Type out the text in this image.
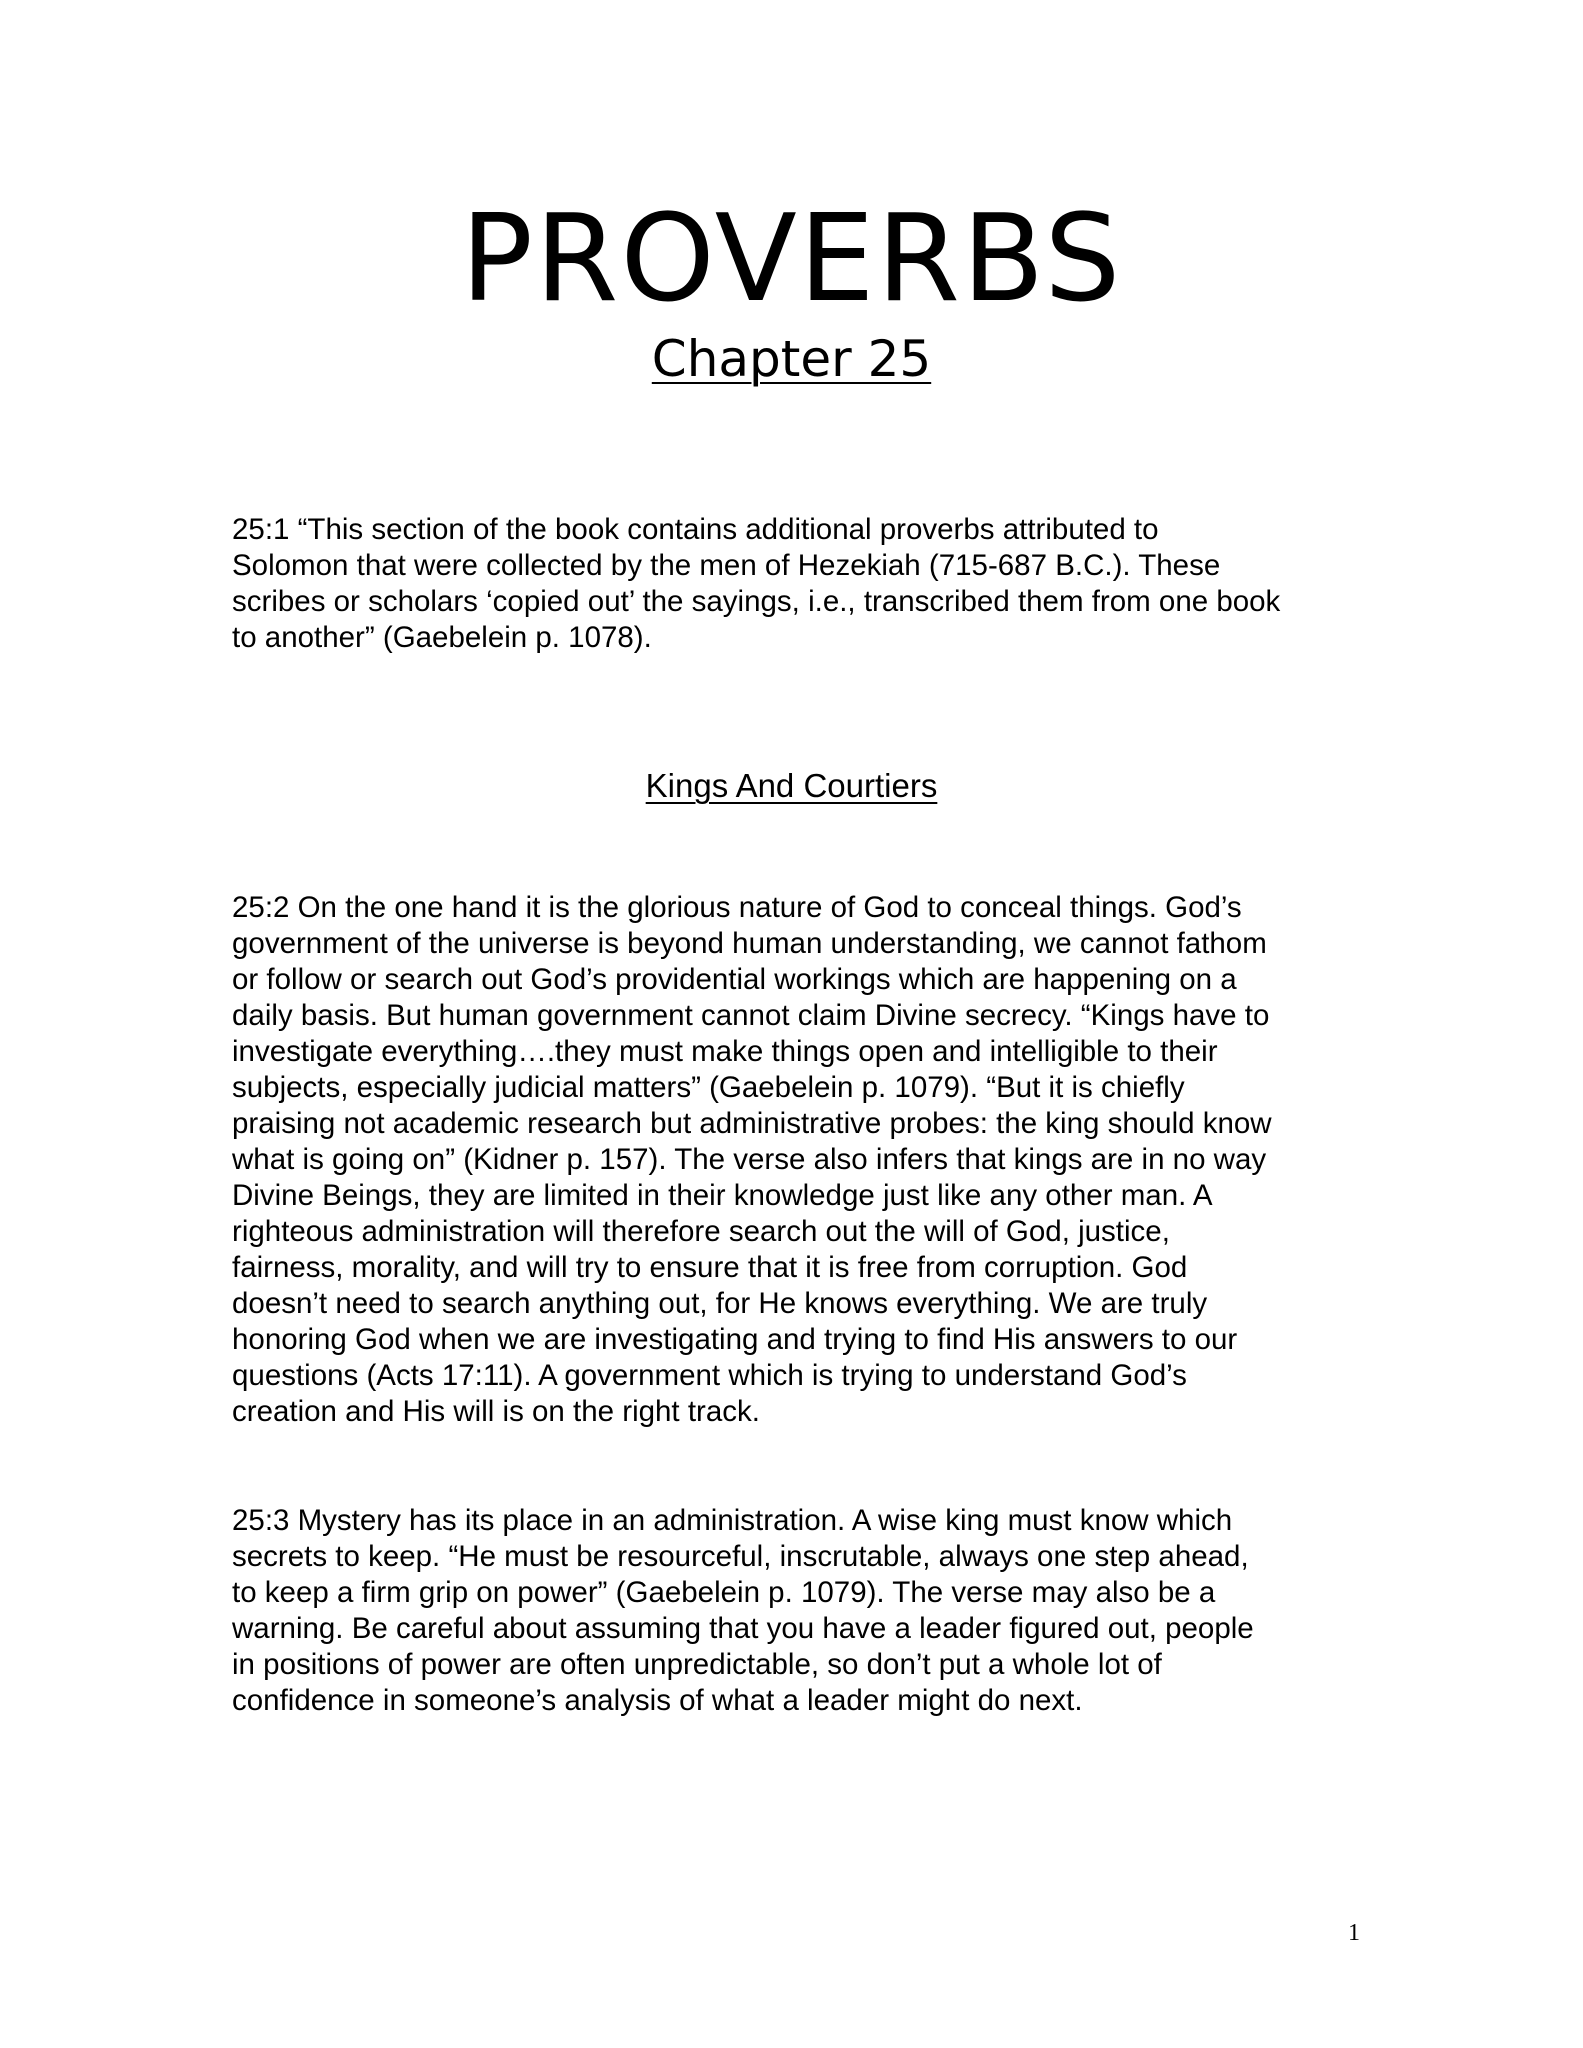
PROVERBS
Chapter 25

25:1 “This section of the book contains additional proverbs attributed to
Solomon that were collected by the men of Hezekiah (715-687 B.C.). These
scribes or scholars ‘copied out’ the sayings, i.e., transcribed them from one book
to another” (Gaebelein p. 1078).

Kings And Courtiers

25:2 On the one hand it is the glorious nature of God to conceal things. God’s
government of the universe is beyond human understanding, we cannot fathom
or follow or search out God’s providential workings which are happening on a
daily basis. But human government cannot claim Divine secrecy. “Kings have to
investigate everything….they must make things open and intelligible to their
subjects, especially judicial matters” (Gaebelein p. 1079). “But it is chiefly
praising not academic research but administrative probes: the king should know
what is going on” (Kidner p. 157). The verse also infers that kings are in no way
Divine Beings, they are limited in their knowledge just like any other man. A
righteous administration will therefore search out the will of God, justice,
fairness, morality, and will try to ensure that it is free from corruption. God
doesn’t need to search anything out, for He knows everything. We are truly
honoring God when we are investigating and trying to find His answers to our
questions (Acts 17:11). A government which is trying to understand God’s
creation and His will is on the right track.

25:3 Mystery has its place in an administration. A wise king must know which
secrets to keep. “He must be resourceful, inscrutable, always one step ahead,
to keep a firm grip on power” (Gaebelein p. 1079). The verse may also be a
warning. Be careful about assuming that you have a leader figured out, people
in positions of power are often unpredictable, so don’t put a whole lot of
confidence in someone’s analysis of what a leader might do next.

1
